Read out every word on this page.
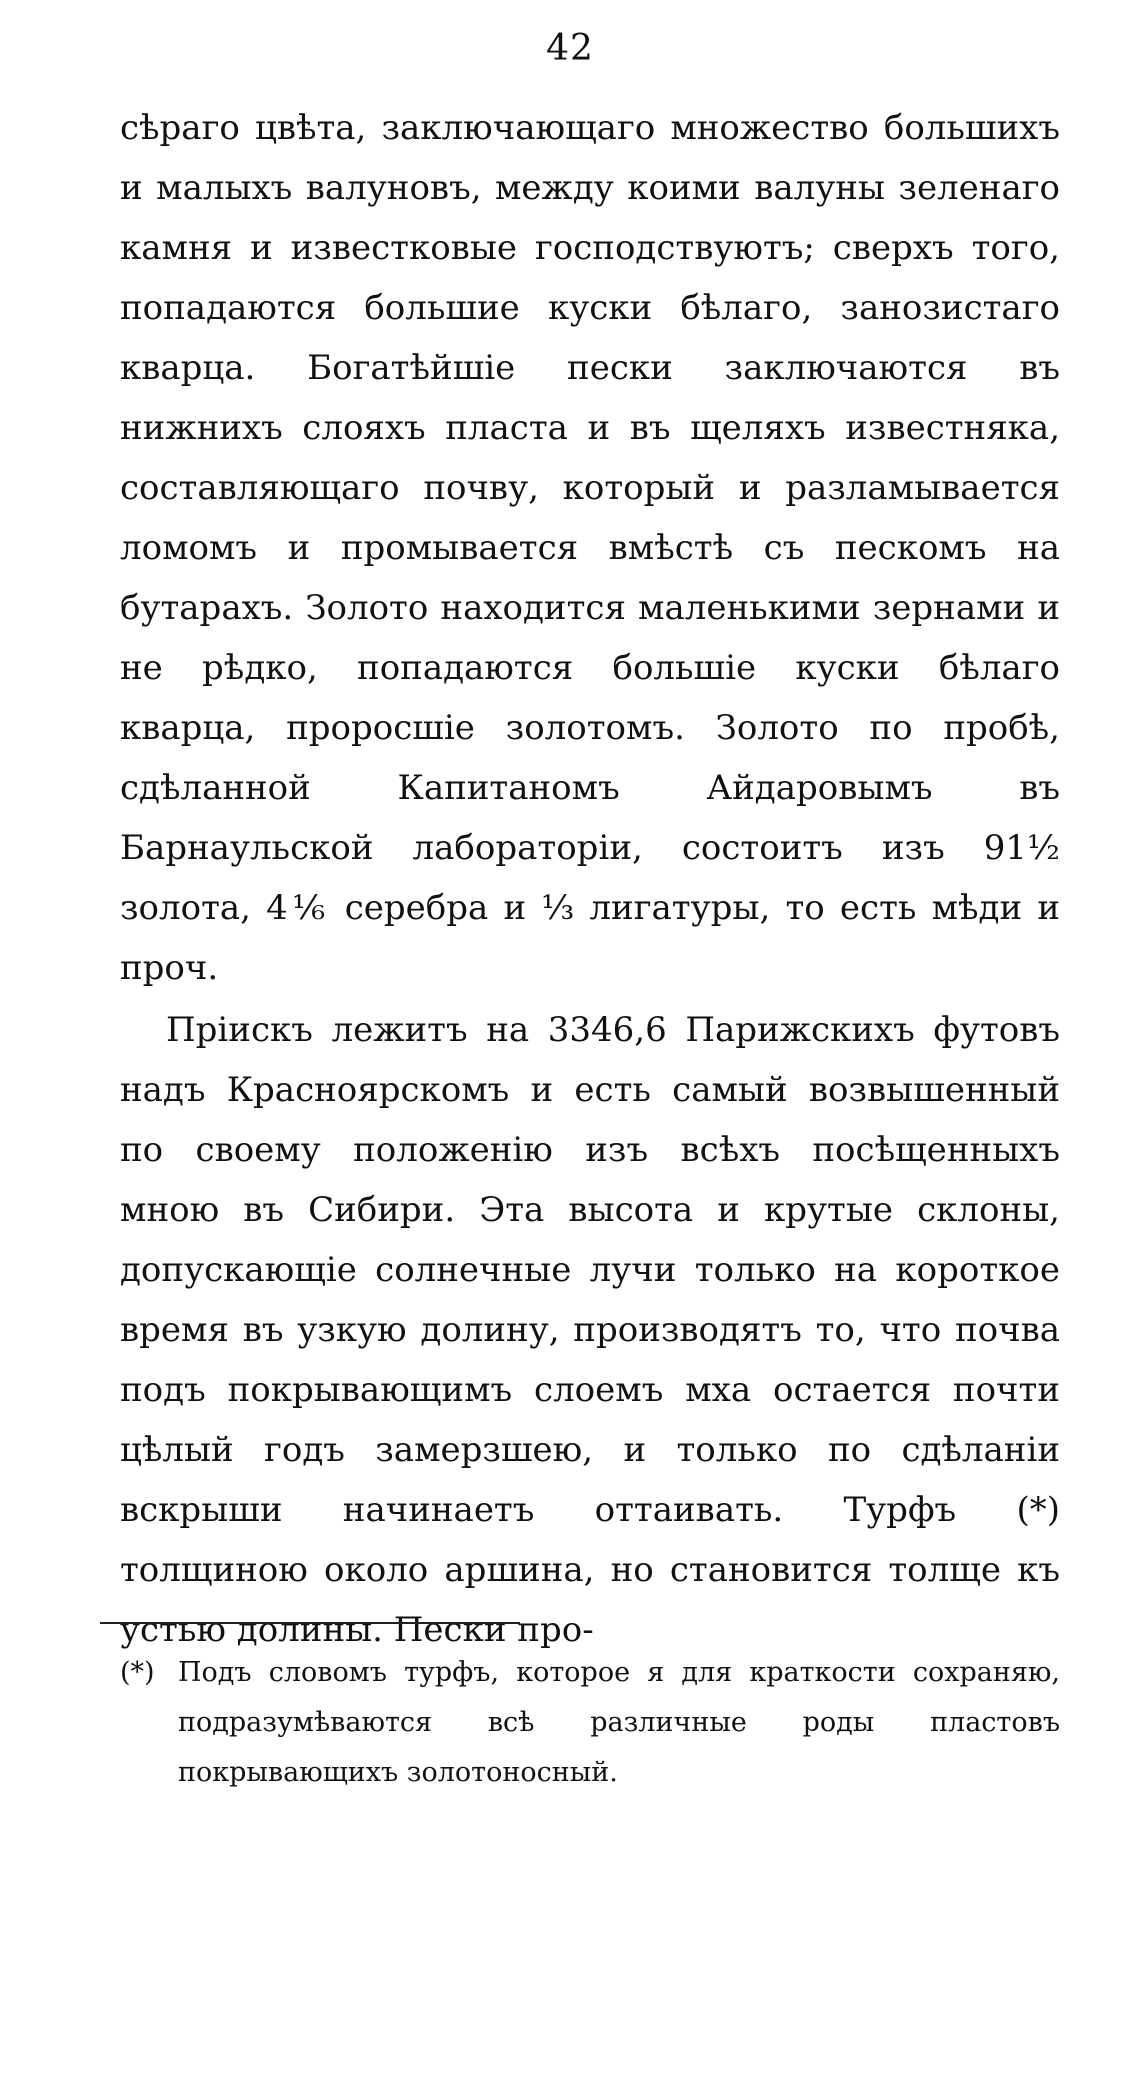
42

сѣраго цвѣта, заключающаго множество большихъ и малыхъ валуновъ, между коими валуны зеленаго камня и известковые господствуютъ; сверхъ того, попадаются большие куски бѣлаго, занозистаго кварца. Богатѣйшiе пески заключаются въ нижнихъ слояхъ пласта и въ щеляхъ известняка, составляющаго почву, который и разламывается ломомъ и промывается вмѣстѣ съ пескомъ на бутарахъ. Золото находится маленькими зернами и не рѣдко, попадаются большiе куски бѣлаго кварца, проросшiе золотомъ. Золото по пробѣ, сдѣланной Капитаномъ Айдаровымъ въ Барнаульской лабораторiи, состоитъ изъ 91½ золота, 4⅙ серебра и ⅓ лигатуры, то есть мѣди и проч.

Прiискъ лежитъ на 3346,6 Парижскихъ футовъ надъ Красноярскомъ и есть самый возвышенный по своему положенiю изъ всѣхъ посѣщенныхъ мною въ Сибири. Эта высота и крутые склоны, допускающiе солнечные лучи только на короткое время въ узкую долину, производятъ то, что почва подъ покрывающимъ слоемъ мха остается почти цѣлый годъ замерзшею, и только по сдѣланiи вскрыши начинаетъ оттаивать. Турфъ (*) толщиною около аршина, но становится толще къ устью долины. Пески про-

(*) Подъ словомъ турфъ, которое я для краткости сохраняю, подразумѣваются всѣ различные роды пластовъ покрывающихъ золотоносный.
